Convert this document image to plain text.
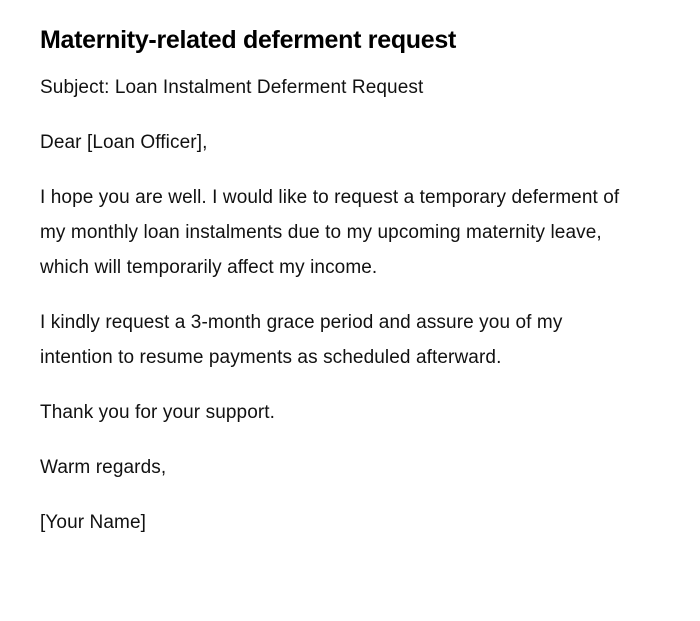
Maternity-related deferment request

Subject: Loan Instalment Deferment Request

Dear [Loan Officer],

I hope you are well. I would like to request a temporary deferment of my monthly loan instalments due to my upcoming maternity leave, which will temporarily affect my income.

I kindly request a 3-month grace period and assure you of my intention to resume payments as scheduled afterward.

Thank you for your support.

Warm regards,

[Your Name]
